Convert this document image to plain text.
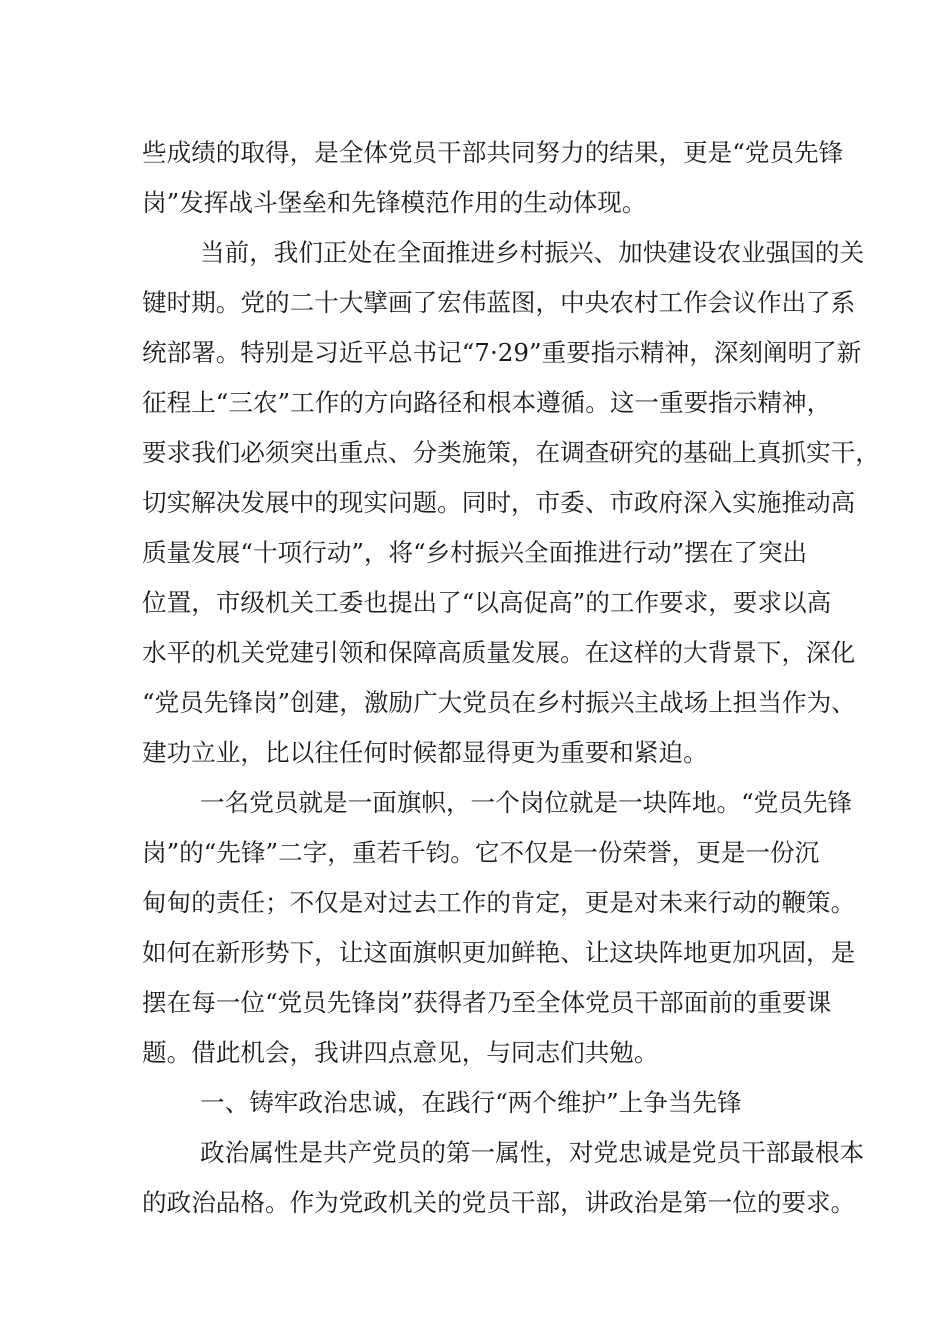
些成绩的取得，是全体党员干部共同努力的结果，更是“党员先锋
岗”发挥战斗堡垒和先锋模范作用的生动体现。
当前，我们正处在全面推进乡村振兴、加快建设农业强国的关
键时期。党的二十大擘画了宏伟蓝图，中央农村工作会议作出了系
统部署。特别是习近平总书记“7·29”重要指示精神，深刻阐明了新
征程上“三农”工作的方向路径和根本遵循。这一重要指示精神，
要求我们必须突出重点、分类施策，在调查研究的基础上真抓实干，
切实解决发展中的现实问题。同时，市委、市政府深入实施推动高
质量发展“十项行动”，将“乡村振兴全面推进行动”摆在了突出
位置，市级机关工委也提出了“以高促高”的工作要求，要求以高
水平的机关党建引领和保障高质量发展。在这样的大背景下，深化
“党员先锋岗”创建，激励广大党员在乡村振兴主战场上担当作为、
建功立业，比以往任何时候都显得更为重要和紧迫。
一名党员就是一面旗帜，一个岗位就是一块阵地。“党员先锋
岗”的“先锋”二字，重若千钧。它不仅是一份荣誉，更是一份沉
甸甸的责任；不仅是对过去工作的肯定，更是对未来行动的鞭策。
如何在新形势下，让这面旗帜更加鲜艳、让这块阵地更加巩固，是
摆在每一位“党员先锋岗”获得者乃至全体党员干部面前的重要课
题。借此机会，我讲四点意见，与同志们共勉。
一、铸牢政治忠诚，在践行“两个维护”上争当先锋
政治属性是共产党员的第一属性，对党忠诚是党员干部最根本
的政治品格。作为党政机关的党员干部，讲政治是第一位的要求。
